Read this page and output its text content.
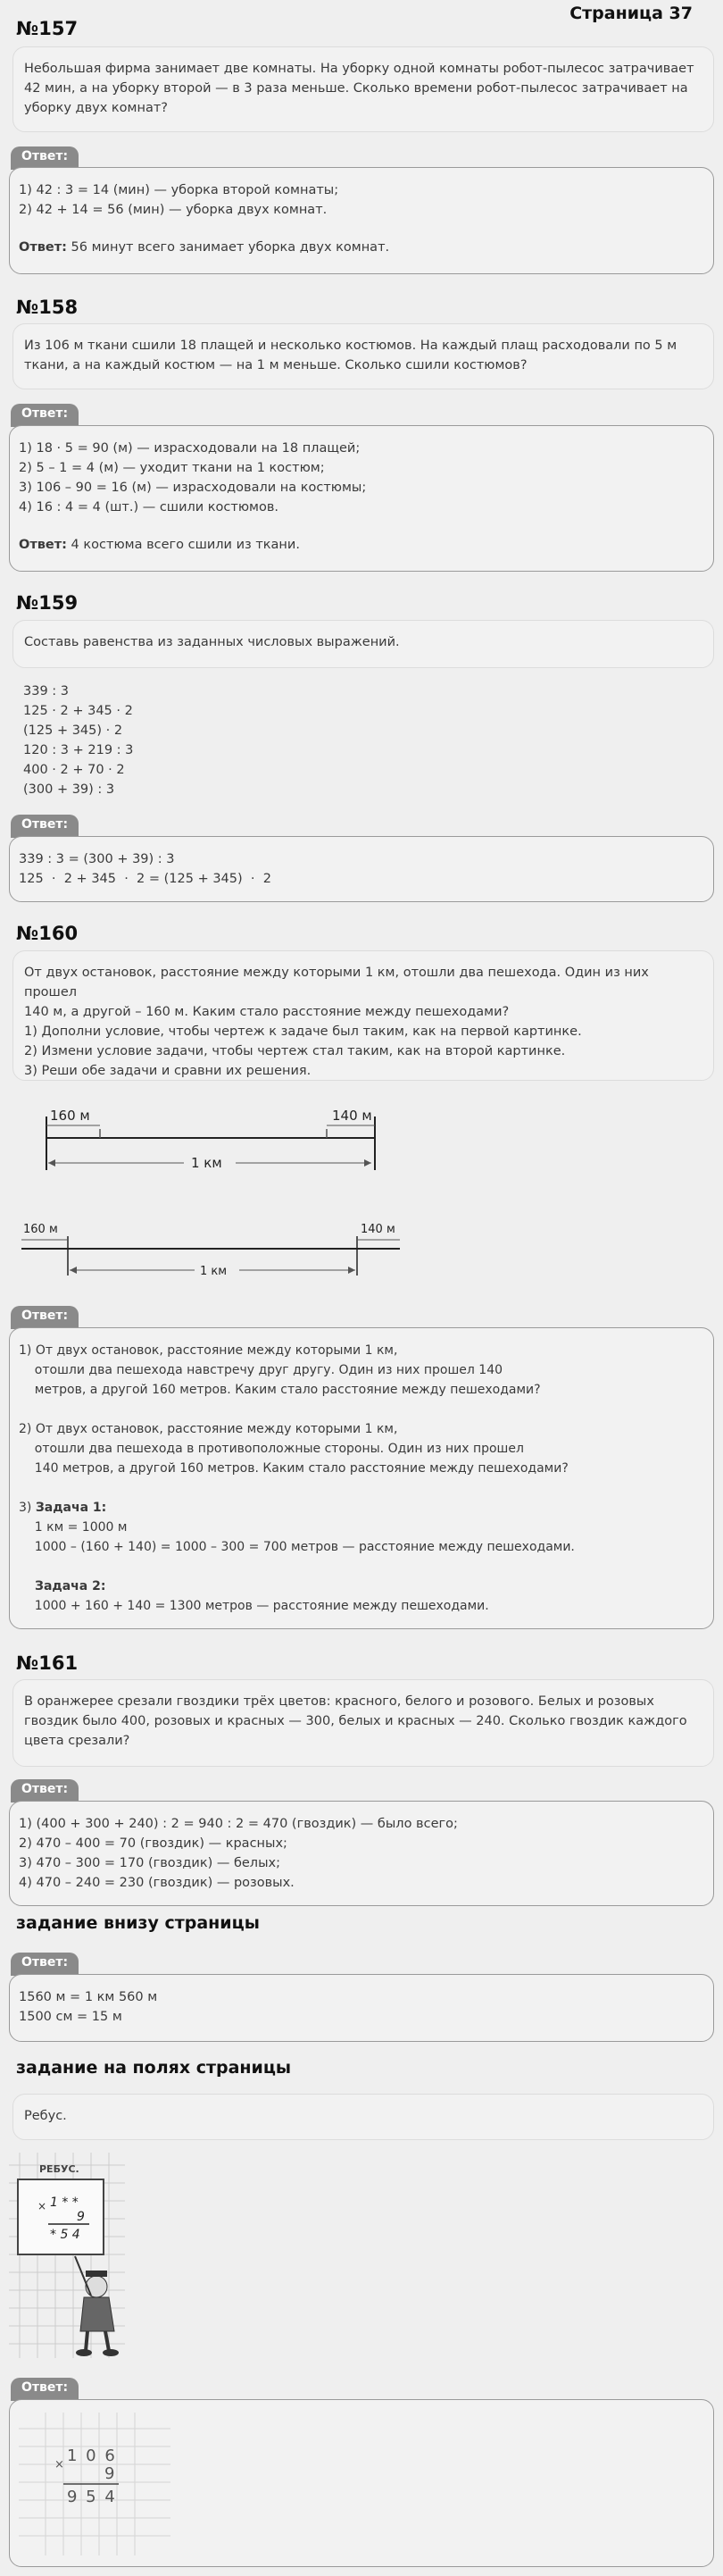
Страница 37
№157
Небольшая фирма занимает две комнаты. На уборку одной комнаты робот-пылесос затрачивает 42 мин, а на уборку второй — в 3 раза меньше. Сколько времени робот-пылесос затрачивает на уборку двух комнат?
Ответ:
1) 42 : 3 = 14 (мин) — уборка второй комнаты;
2) 42 + 14 = 56 (мин) — уборка двух комнат.
Ответ: 56 минут всего занимает уборка двух комнат.
№158
Из 106 м ткани сшили 18 плащей и несколько костюмов. На каждый плащ расходовали по 5 м ткани, а на каждый костюм — на 1 м меньше. Сколько сшили костюмов?
Ответ:
1) 18 · 5 = 90 (м) — израсходовали на 18 плащей;
2) 5 – 1 = 4 (м) — уходит ткани на 1 костюм;
3) 106 – 90 = 16 (м) — израсходовали на костюмы;
4) 16 : 4 = 4 (шт.) — сшили костюмов.
Ответ: 4 костюма всего сшили из ткани.
№159
Составь равенства из заданных числовых выражений.
339 : 3
125 · 2 + 345 · 2
(125 + 345) · 2
120 : 3 + 219 : 3
400 · 2 + 70 · 2
(300 + 39) : 3
Ответ:
339 : 3 = (300 + 39) : 3
125  ·  2 + 345  ·  2 = (125 + 345)  ·  2
№160
От двух остановок, расстояние между которыми 1 км, отошли два пешехода. Один из них прошел
140 м, а другой – 160 м. Каким стало расстояние между пешеходами?
1) Дополни условие, чтобы чертеж к задаче был таким, как на первой картинке.
2) Измени условие задачи, чтобы чертеж стал таким, как на второй картинке.
3) Реши обе задачи и сравни их решения.
160 м	140 м
1 км
160 м	140 м
1 км
Ответ:
1) От двух остановок, расстояние между которыми 1 км,
отошли два пешехода навстречу друг другу. Один из них прошел 140
метров, а другой 160 метров. Каким стало расстояние между пешеходами?
2) От двух остановок, расстояние между которыми 1 км,
отошли два пешехода в противоположные стороны. Один из них прошел
140 метров, а другой 160 метров. Каким стало расстояние между пешеходами?
3) Задача 1:
1 км = 1000 м
1000 – (160 + 140) = 1000 – 300 = 700 метров — расстояние между пешеходами.
Задача 2:
1000 + 160 + 140 = 1300 метров — расстояние между пешеходами.
№161
В оранжерее срезали гвоздики трёх цветов: красного, белого и розового. Белых и розовых гвоздик было 400, розовых и красных — 300, белых и красных — 240. Сколько гвоздик каждого цвета срезали?
Ответ:
1) (400 + 300 + 240) : 2 = 940 : 2 = 470 (гвоздик) — было всего;
2) 470 – 400 = 70 (гвоздик) — красных;
3) 470 – 300 = 170 (гвоздик) — белых;
4) 470 – 240 = 230 (гвоздик) — розовых.
задание внизу страницы
Ответ:
1560 м = 1 км 560 м
1500 см = 15 м
задание на полях страницы
Ребус.
РЕБУС.
× 1 * *
9
* 5 4
Ответ:
× 1 0 6
9
9 5 4
